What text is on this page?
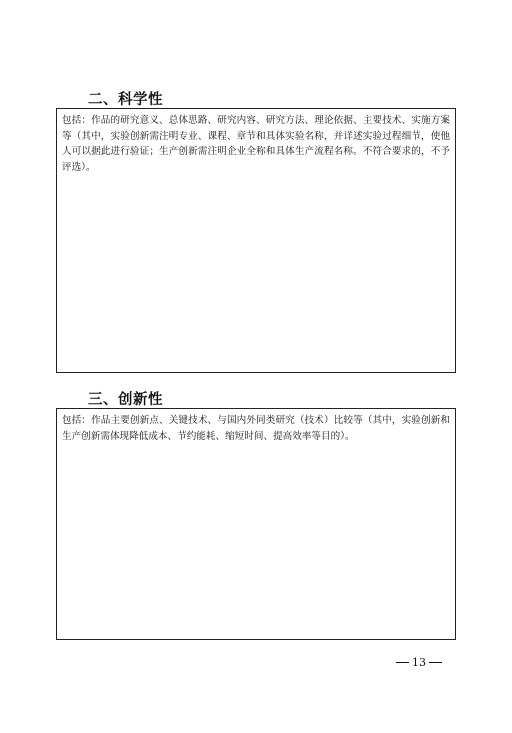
二、科学性
包括：作品的研究意义、总体思路、研究内容、研究方法、理论依据、主要技术、实施方案等（其中，实验创新需注明专业、课程、章节和具体实验名称，并详述实验过程细节，使他人可以据此进行验证；生产创新需注明企业全称和具体生产流程名称。不符合要求的，不予评选）。
三、创新性
包括：作品主要创新点、关键技术、与国内外同类研究（技术）比较等（其中，实验创新和生产创新需体现降低成本、节约能耗、缩短时间、提高效率等目的）。
13
